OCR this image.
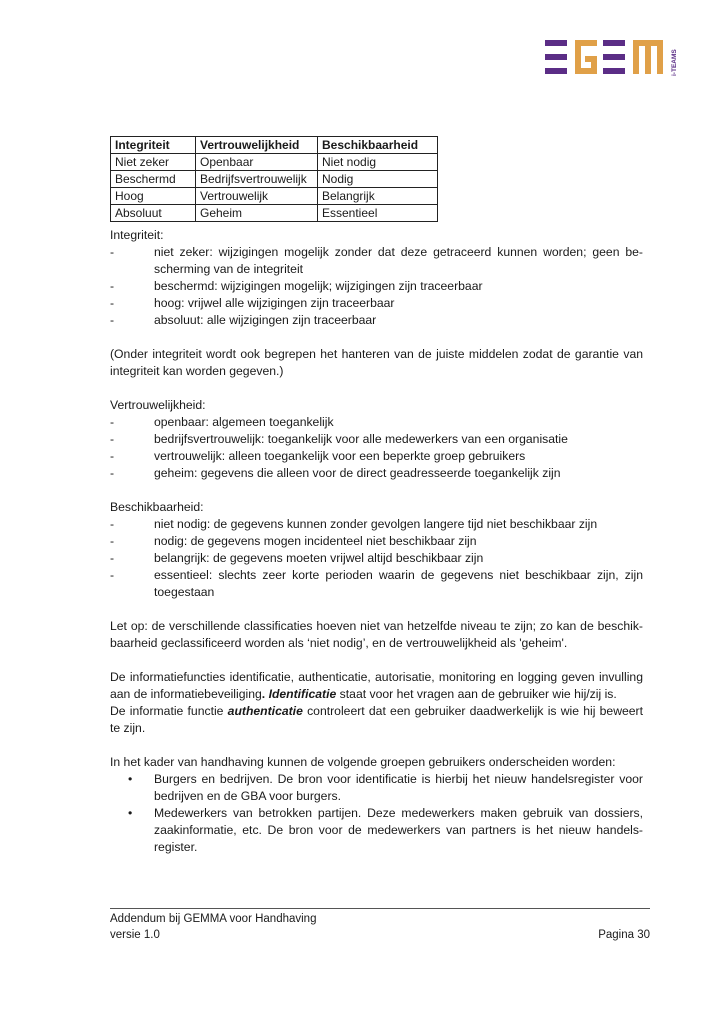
i-TEAMS
Integriteit	Vertrouwelijkheid	Beschikbaarheid
Niet zeker	Openbaar	Niet nodig
Beschermd	Bedrijfsvertrouwelijk	Nodig
Hoog	Vertrouwelijk	Belangrijk
Absoluut	Geheim	Essentieel

Integriteit:

-	niet zeker: wijzigingen mogelijk zonder dat deze getraceerd kunnen worden; geen be-scherming van de integriteit
-	beschermd: wijzigingen mogelijk; wijzigingen zijn traceerbaar
-	hoog: vrijwel alle wijzigingen zijn traceerbaar
-	absoluut: alle wijzigingen zijn traceerbaar

(Onder integriteit wordt ook begrepen het hanteren van de juiste middelen zodat de garantie van integriteit kan worden gegeven.)

Vertrouwelijkheid:

-	openbaar: algemeen toegankelijk
-	bedrijfsvertrouwelijk: toegankelijk voor alle medewerkers van een organisatie
-	vertrouwelijk: alleen toegankelijk voor een beperkte groep gebruikers
-	geheim: gegevens die alleen voor de direct geadresseerde toegankelijk zijn

Beschikbaarheid:

-	niet nodig: de gegevens kunnen zonder gevolgen langere tijd niet beschikbaar zijn
-	nodig: de gegevens mogen incidenteel niet beschikbaar zijn
-	belangrijk: de gegevens moeten vrijwel altijd beschikbaar zijn
-	essentieel: slechts zeer korte perioden waarin de gegevens niet beschikbaar zijn, zijn toegestaan

Let op: de verschillende classificaties hoeven niet van hetzelfde niveau te zijn; zo kan de beschik-baarheid geclassificeerd worden als ‘niet nodig’, en de vertrouwelijkheid als 'geheim'.

De informatiefuncties identificatie, authenticatie, autorisatie, monitoring en logging geven invulling aan de informatiebeveiliging. Identificatie staat voor het vragen aan de gebruiker wie hij/zij is.

De informatie functie authenticatie controleert dat een gebruiker daadwerkelijk is wie hij beweert te zijn.

In het kader van handhaving kunnen de volgende groepen gebruikers onderscheiden worden:

• Burgers en bedrijven. De bron voor identificatie is hierbij het nieuw handelsregister voor bedrijven en de GBA voor burgers.
• Medewerkers van betrokken partijen. Deze medewerkers maken gebruik van dossiers, zaakinformatie, etc. De bron voor de medewerkers van partners is het nieuw handels-register.
Addendum bij GEMMA voor Handhaving
versie 1.0	Pagina 30
